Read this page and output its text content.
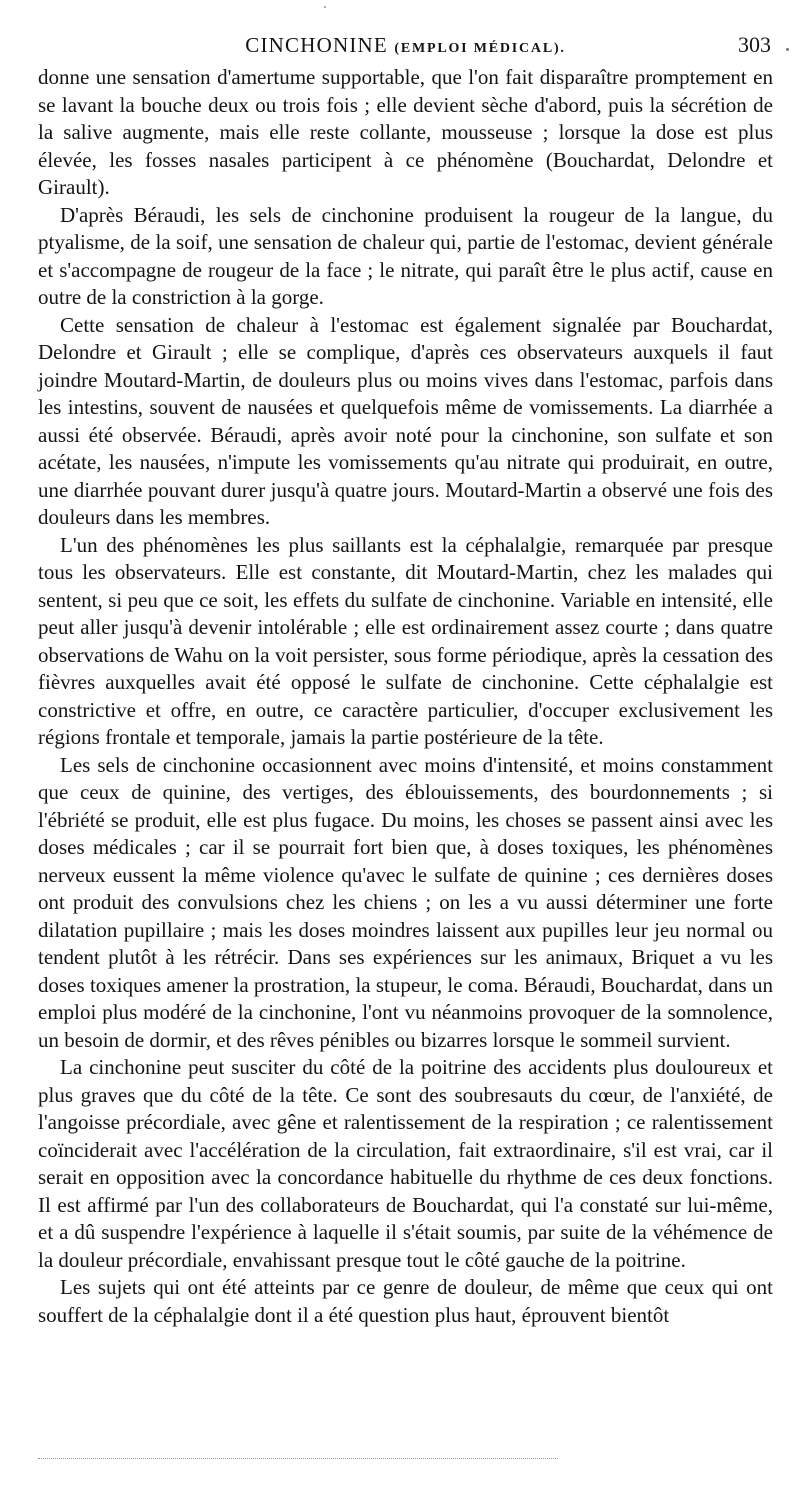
CINCHONINE (EMPLOI MÉDICAL).	303

donne une sensation d'amertume supportable, que l'on fait disparaître promptement en se lavant la bouche deux ou trois fois ; elle devient sèche d'abord, puis la sécrétion de la salive augmente, mais elle reste collante, mousseuse ; lorsque la dose est plus élevée, les fosses nasales participent à ce phénomène (Bouchardat, Delondre et Girault).

D'après Béraudi, les sels de cinchonine produisent la rougeur de la langue, du ptyalisme, de la soif, une sensation de chaleur qui, partie de l'estomac, devient générale et s'accompagne de rougeur de la face ; le nitrate, qui paraît être le plus actif, cause en outre de la constriction à la gorge.

Cette sensation de chaleur à l'estomac est également signalée par Bouchardat, Delondre et Girault ; elle se complique, d'après ces observateurs auxquels il faut joindre Moutard-Martin, de douleurs plus ou moins vives dans l'estomac, parfois dans les intestins, souvent de nausées et quelquefois même de vomissements. La diarrhée a aussi été observée. Béraudi, après avoir noté pour la cinchonine, son sulfate et son acétate, les nausées, n'impute les vomissements qu'au nitrate qui produirait, en outre, une diarrhée pouvant durer jusqu'à quatre jours. Moutard-Martin a observé une fois des douleurs dans les membres.

L'un des phénomènes les plus saillants est la céphalalgie, remarquée par presque tous les observateurs. Elle est constante, dit Moutard-Martin, chez les malades qui sentent, si peu que ce soit, les effets du sulfate de cinchonine. Variable en intensité, elle peut aller jusqu'à devenir intolérable ; elle est ordinairement assez courte ; dans quatre observations de Wahu on la voit persister, sous forme périodique, après la cessation des fièvres auxquelles avait été opposé le sulfate de cinchonine. Cette céphalalgie est constrictive et offre, en outre, ce caractère particulier, d'occuper exclusivement les régions frontale et temporale, jamais la partie postérieure de la tête.

Les sels de cinchonine occasionnent avec moins d'intensité, et moins constamment que ceux de quinine, des vertiges, des éblouissements, des bourdonnements ; si l'ébriété se produit, elle est plus fugace. Du moins, les choses se passent ainsi avec les doses médicales ; car il se pourrait fort bien que, à doses toxiques, les phénomènes nerveux eussent la même violence qu'avec le sulfate de quinine ; ces dernières doses ont produit des convulsions chez les chiens ; on les a vu aussi déterminer une forte dilatation pupillaire ; mais les doses moindres laissent aux pupilles leur jeu normal ou tendent plutôt à les rétrécir. Dans ses expériences sur les animaux, Briquet a vu les doses toxiques amener la prostration, la stupeur, le coma. Béraudi, Bouchardat, dans un emploi plus modéré de la cinchonine, l'ont vu néanmoins provoquer de la somnolence, un besoin de dormir, et des rêves pénibles ou bizarres lorsque le sommeil survient.

La cinchonine peut susciter du côté de la poitrine des accidents plus douloureux et plus graves que du côté de la tête. Ce sont des soubresauts du cœur, de l'anxiété, de l'angoisse précordiale, avec gêne et ralentissement de la respiration ; ce ralentissement coïnciderait avec l'accélération de la circulation, fait extraordinaire, s'il est vrai, car il serait en opposition avec la concordance habituelle du rhythme de ces deux fonctions. Il est affirmé par l'un des collaborateurs de Bouchardat, qui l'a constaté sur lui-même, et a dû suspendre l'expérience à laquelle il s'était soumis, par suite de la véhémence de la douleur précordiale, envahissant presque tout le côté gauche de la poitrine.

Les sujets qui ont été atteints par ce genre de douleur, de même que ceux qui ont souffert de la céphalalgie dont il a été question plus haut, éprouvent bientôt
